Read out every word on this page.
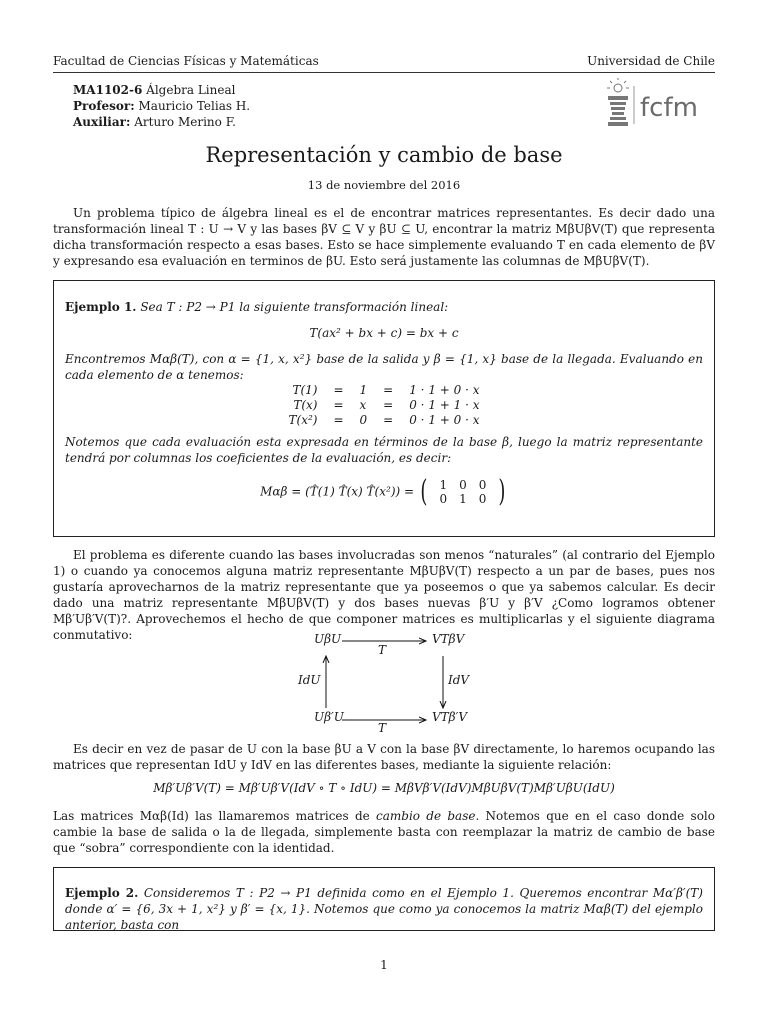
Facultad de Ciencias Físicas y Matemáticas	Universidad de Chile
MA1102-6 Álgebra Lineal
Profesor: Mauricio Telias H.
Auxiliar: Arturo Merino F.	fcfm
Representación y cambio de base
13 de noviembre del 2016
Un problema típico de álgebra lineal es el de encontrar matrices representantes. Es decir dado una transformación lineal T : U → V y las bases βV ⊆ V y βU ⊆ U, encontrar la matriz MβUβV(T) que representa dicha transformación respecto a esas bases. Esto se hace simplemente evaluando T en cada elemento de βV y expresando esa evaluación en terminos de βU. Esto será justamente las columnas de MβUβV(T).
Ejemplo 1. Sea T : P2 → P1 la siguiente transformación lineal:
T(ax² + bx + c) = bx + c
Encontremos Mαβ(T), con α = {1, x, x²} base de la salida y β = {1, x} base de la llegada. Evaluando en cada elemento de α tenemos:
T(1)	=	1	=	1 · 1 + 0 · x
T(x)	=	x	=	0 · 1 + 1 · x
T(x²)	=	0	=	0 · 1 + 0 · x
Notemos que cada evaluación esta expresada en términos de la base β, luego la matriz representante tendrá por columnas los coeficientes de la evaluación, es decir:
Mαβ = (T̂(1) T̂(x) T̂(x²)) = ( 1	0	0
0	1	0 )
El problema es diferente cuando las bases involucradas son menos “naturales” (al contrario del Ejemplo 1) o cuando ya conocemos alguna matriz representante MβUβV(T) respecto a un par de bases, pues nos gustaría aprovecharnos de la matriz representante que ya poseemos o que ya sabemos calcular. Es decir dado una matriz representante MβUβV(T) y dos bases nuevas β′U y β′V ¿Como logramos obtener Mβ′Uβ′V(T)?. Aprovechemos el hecho de que componer matrices es multiplicarlas y el siguiente diagrama conmutativo:	UβU	VTβV
Uβ′U	VTβ′V
T
T
IdU	IdV
Es decir en vez de pasar de U con la base βU a V con la base βV directamente, lo haremos ocupando las matrices que representan IdU y IdV en las diferentes bases, mediante la siguiente relación:
Mβ′Uβ′V(T) = Mβ′Uβ′V(IdV ∘ T ∘ IdU) = MβVβ′V(IdV)MβUβV(T)Mβ′UβU(IdU)
Las matrices Mαβ(Id) las llamaremos matrices de cambio de base. Notemos que en el caso donde solo cambie la base de salida o la de llegada, simplemente basta con reemplazar la matriz de cambio de base que “sobra” correspondiente con la identidad.
Ejemplo 2. Consideremos T : P2 → P1 definida como en el Ejemplo 1. Queremos encontrar Mα′β′(T) donde α′ = {6, 3x + 1, x²} y β′ = {x, 1}. Notemos que como ya conocemos la matriz Mαβ(T) del ejemplo anterior, basta con
1
